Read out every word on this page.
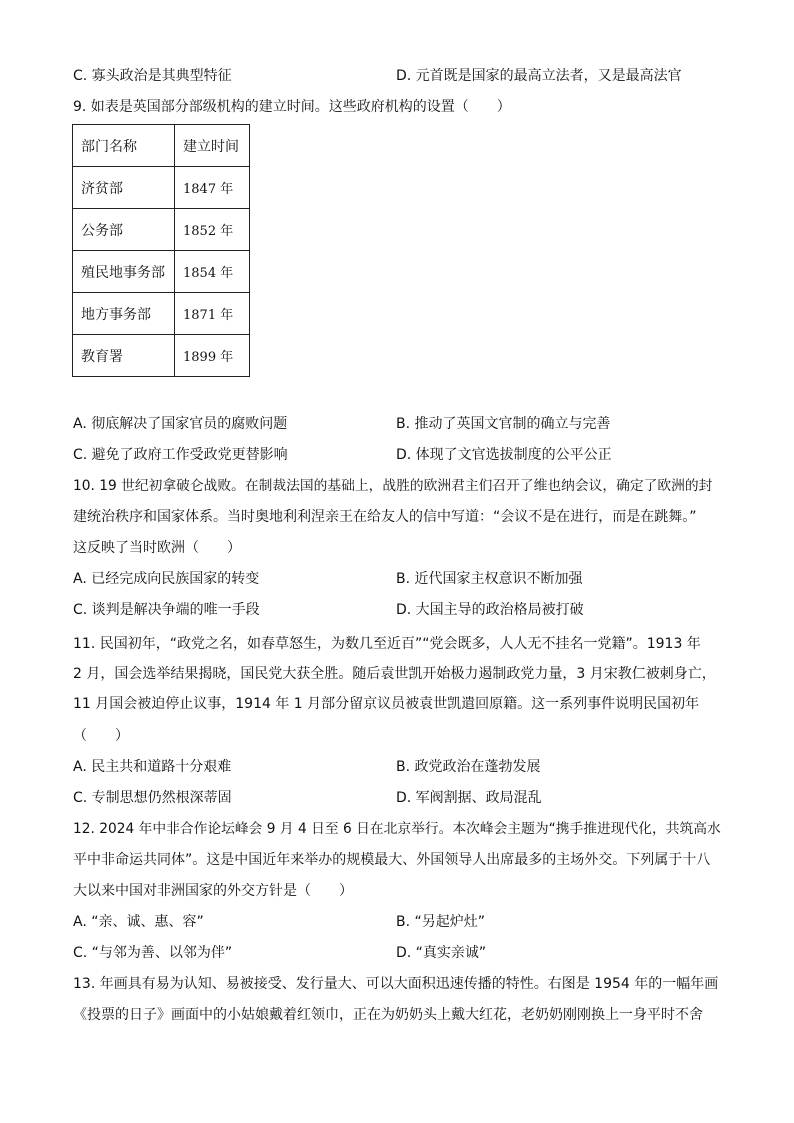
C. 寡头政治是其典型特征	D. 元首既是国家的最高立法者，又是最高法官
9. 如表是英国部分部级机构的建立时间。这些政府机构的设置（　　）
部门名称	建立时间
济贫部	1847 年
公务部	1852 年
殖民地事务部	1854 年
地方事务部	1871 年
教育署	1899 年
A. 彻底解决了国家官员的腐败问题	B. 推动了英国文官制的确立与完善
C. 避免了政府工作受政党更替影响	D. 体现了文官选拔制度的公平公正
10. 19 世纪初拿破仑战败。在制裁法国的基础上，战胜的欧洲君主们召开了维也纳会议，确定了欧洲的封
建统治秩序和国家体系。当时奥地利利涅亲王在给友人的信中写道：“会议不是在进行，而是在跳舞。”
这反映了当时欧洲（　　）
A. 已经完成向民族国家的转变	B. 近代国家主权意识不断加强
C. 谈判是解决争端的唯一手段	D. 大国主导的政治格局被打破
11. 民国初年，“政党之名，如春草怒生，为数几至近百”“党会既多，人人无不挂名一党籍”。1913 年
2 月，国会选举结果揭晓，国民党大获全胜。随后袁世凯开始极力遏制政党力量，3 月宋教仁被刺身亡，
11 月国会被迫停止议事，1914 年 1 月部分留京议员被袁世凯遣回原籍。这一系列事件说明民国初年
（　　）
A. 民主共和道路十分艰难	B. 政党政治在蓬勃发展
C. 专制思想仍然根深蒂固	D. 军阀割据、政局混乱
12. 2024 年中非合作论坛峰会 9 月 4 日至 6 日在北京举行。本次峰会主题为“携手推进现代化，共筑高水
平中非命运共同体”。这是中国近年来举办的规模最大、外国领导人出席最多的主场外交。下列属于十八
大以来中国对非洲国家的外交方针是（　　）
A. “亲、诚、惠、容”	B. “另起炉灶”
C. “与邻为善、以邻为伴”	D. “真实亲诚”
13. 年画具有易为认知、易被接受、发行量大、可以大面积迅速传播的特性。右图是 1954 年的一幅年画
《投票的日子》画面中的小姑娘戴着红领巾，正在为奶奶头上戴大红花，老奶奶刚刚换上一身平时不舍
